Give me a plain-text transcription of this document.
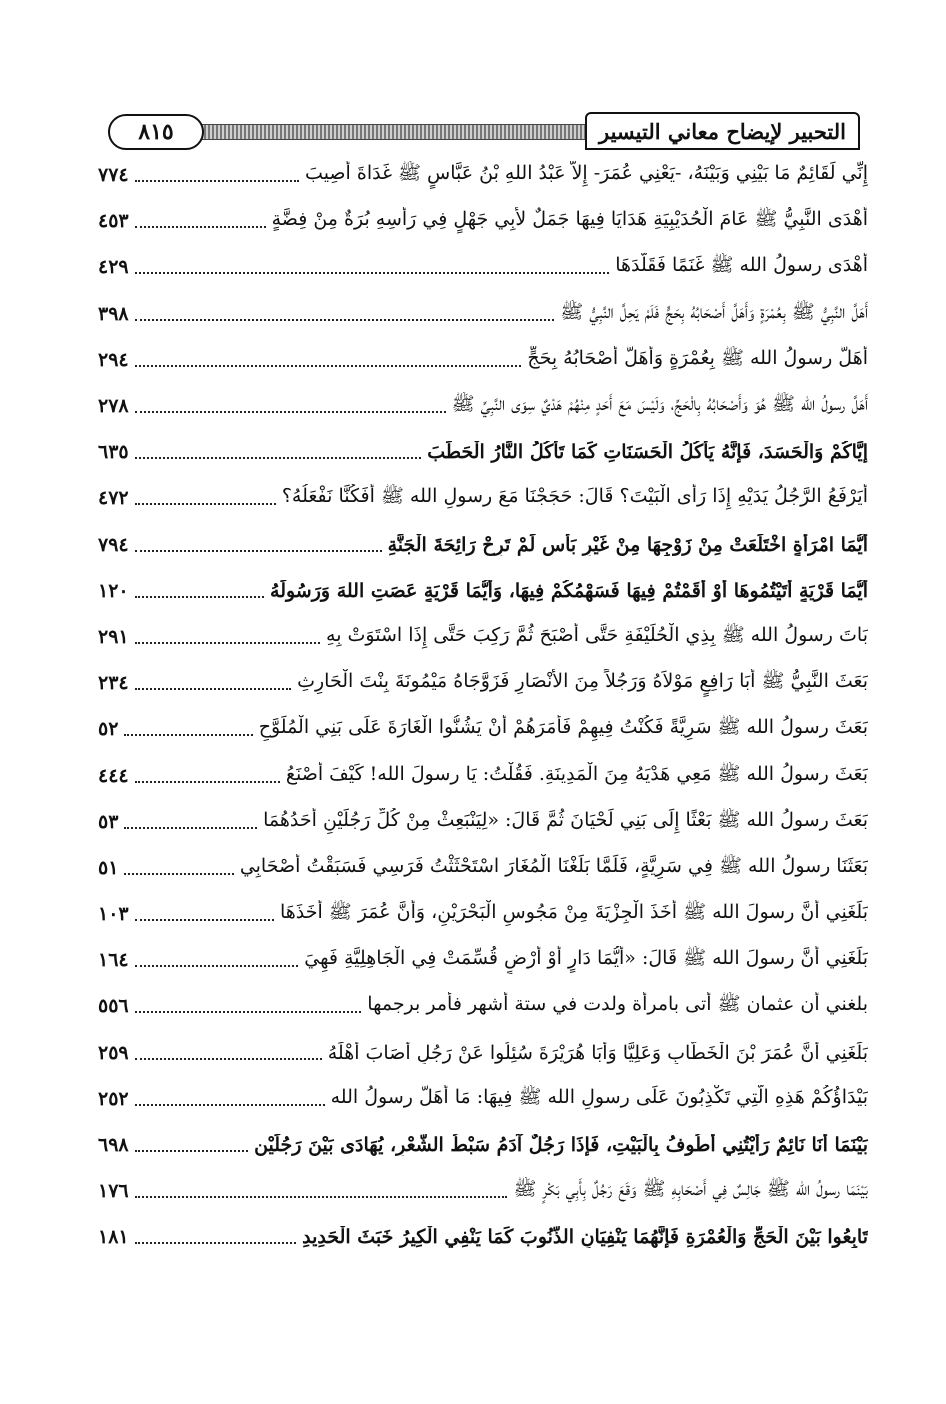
٨١٥	التحبير لإيضاح معاني التيسير
إِنِّي لَقَائِمٌ مَا بَيْنِي وَبَيْنَهُ، -يَعْنِي عُمَرَ- إِلاَّ عَبْدُ اللهِ بْنُ عَبَّاسٍ ﷺ غَدَاةَ أُصِيبَ
٧٧٤
أَهْدَى النَّبِيُّ ﷺ عَامَ الْحُدَيْبِيَةِ هَدَايَا فِيهَا جَمَلٌ لأَبِي جَهْلٍ فِي رَأْسِهِ بُرَةٌ مِنْ فِضَّةٍ
٤٥٣
أَهْدَى رسولُ الله ﷺ غَنَمًا فَقَلَّدَهَا
٤٢٩
أَهَلَّ النَّبِيُّ ﷺ بِعُمْرَةٍ وَأَهَلَّ أَصْحَابُهُ بِحَجٍّ فَلَمْ يَحِلَّ النَّبِيُّ ﷺ
٣٩٨
أَهَلَّ رسولُ الله ﷺ بِعُمْرَةٍ وَأَهَلَّ أَصْحَابُهُ بِحَجٍّ
٢٩٤
أَهَلَّ رسولُ الله ﷺ هُوَ وَأَصْحَابُهُ بِالْحَجِّ، وَلَيْسَ مَعَ أَحَدٍ مِنْهُمْ هَدْيٌ سِوَى النَّبِيِّ ﷺ
٢٧٨
إِيَّاكُمْ وَالْحَسَدَ، فَإِنَّهُ يَأْكُلُ الْحَسَنَاتِ كَمَا تَأْكُلُ النَّارُ الْحَطَبَ
٦٣٥
أَيَرْفَعُ الرَّجُلُ يَدَيْهِ إِذَا رَأَى الْبَيْتَ؟ قَالَ: حَجَجْنَا مَعَ رسولِ الله ﷺ أَفَكُنَّا نَفْعَلُهُ؟
٤٧٢
أَيُّمَا امْرَأَةٍ اخْتَلَعَتْ مِنْ زَوْجِهَا مِنْ غَيْرِ بَأْسٍ لَمْ تَرِحْ رَائِحَةَ الْجَنَّةِ
٧٩٤
أَيُّمَا قَرْيَةٍ أَتَيْتُمُوهَا أَوْ أَقَمْتُمْ فِيهَا فَسَهْمُكُمْ فِيهَا، وَأَيُّمَا قَرْيَةٍ عَصَتِ اللهَ وَرَسُولَهُ
١٢٠
بَاتَ رسولُ الله ﷺ بِذِي الْحُلَيْفَةِ حَتَّى أَصْبَحَ ثُمَّ رَكِبَ حَتَّى إِذَا اسْتَوَتْ بِهِ
٢٩١
بَعَثَ النَّبِيُّ ﷺ أَبَا رَافِعٍ مَوْلاَهُ وَرَجُلاً مِنَ الأَنْصَارِ فَزَوَّجَاهُ مَيْمُونَةَ بِنْتَ الْحَارِثِ
٢٣٤
بَعَثَ رسولُ الله ﷺ سَرِيَّةً فَكُنْتُ فِيهِمْ فَأَمَرَهُمْ أَنْ يَشُنُّوا الْغَارَةَ عَلَى بَنِي الْمُلَوَّحِ
٥٢
بَعَثَ رسولُ الله ﷺ مَعِي هَدْيَهُ مِنَ الْمَدِينَةِ. فَقُلْتُ: يَا رسولَ الله! كَيْفَ أَصْنَعُ
٤٤٤
بَعَثَ رسولُ الله ﷺ بَعْثًا إِلَى بَنِي لَحْيَانَ ثُمَّ قَالَ: «لِيَنْبَعِثْ مِنْ كُلِّ رَجُلَيْنِ أَحَدُهُمَا
٥٣
بَعَثَنَا رسولُ الله ﷺ فِي سَرِيَّةٍ، فَلَمَّا بَلَغْنَا الْمُغَارَ اسْتَحْثَثْتُ فَرَسِي فَسَبَقْتُ أَصْحَابِي
٥١
بَلَغَنِي أَنَّ رسولَ الله ﷺ أَخَذَ الْجِزْيَةَ مِنْ مَجُوسِ الْبَحْرَيْنِ، وَأَنَّ عُمَرَ ﷺ أَخَذَهَا
١٠٣
بَلَغَنِي أَنَّ رسولَ الله ﷺ قَالَ: «أَيُّمَا دَارٍ أَوْ أَرْضٍ قُسِّمَتْ فِي الْجَاهِلِيَّةِ فَهِيَ
١٦٤
بلغني أن عثمان ﷺ أتى بامرأة ولدت في ستة أشهر فأمر برجمها
٥٥٦
بَلَغَنِي أَنَّ عُمَرَ بْنَ الْخَطَّابِ وَعَلِيًّا وَأَبَا هُرَيْرَةَ سُئِلُوا عَنْ رَجُلٍ أَصَابَ أَهْلَهُ
٢٥٩
بَيْدَاؤُكُمْ هَذِهِ الَّتِي تَكْذِبُونَ عَلَى رسولِ الله ﷺ فِيهَا: مَا أَهَلَّ رسولُ الله
٢٥٢
بَيْنَمَا أَنَا نَائِمٌ رَأَيْتُنِي أَطُوفُ بِالْبَيْتِ، فَإِذَا رَجُلٌ آدَمُ سَبْطُ الشَّعْرِ، يُهَادَى بَيْنَ رَجُلَيْنِ
٦٩٨
بَيْنَمَا رسولُ الله ﷺ جَالِسٌ فِي أَصْحَابِهِ ﷺ وَقَعَ رَجُلٌ بِأَبِي بَكْرٍ ﷺ
١٧٦
تَابِعُوا بَيْنَ الْحَجِّ وَالْعُمْرَةِ فَإِنَّهُمَا يَنْفِيَانِ الذُّنُوبَ كَمَا يَنْفِي الْكِيرُ خَبَثَ الْحَدِيدِ
١٨١
